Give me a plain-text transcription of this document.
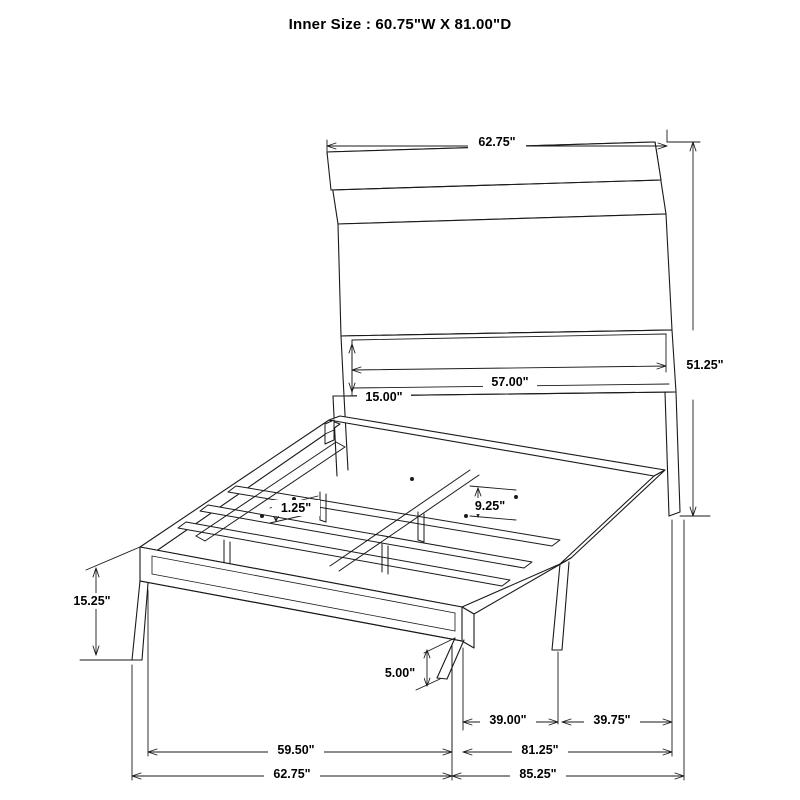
Inner Size : 60.75"W X 81.00"D
62.75"
51.25"
57.00"
15.00"
1.25"	9.25"
15.25"
5.00"
59.50"
62.75"
81.25"
85.25"
39.00"	39.75"
